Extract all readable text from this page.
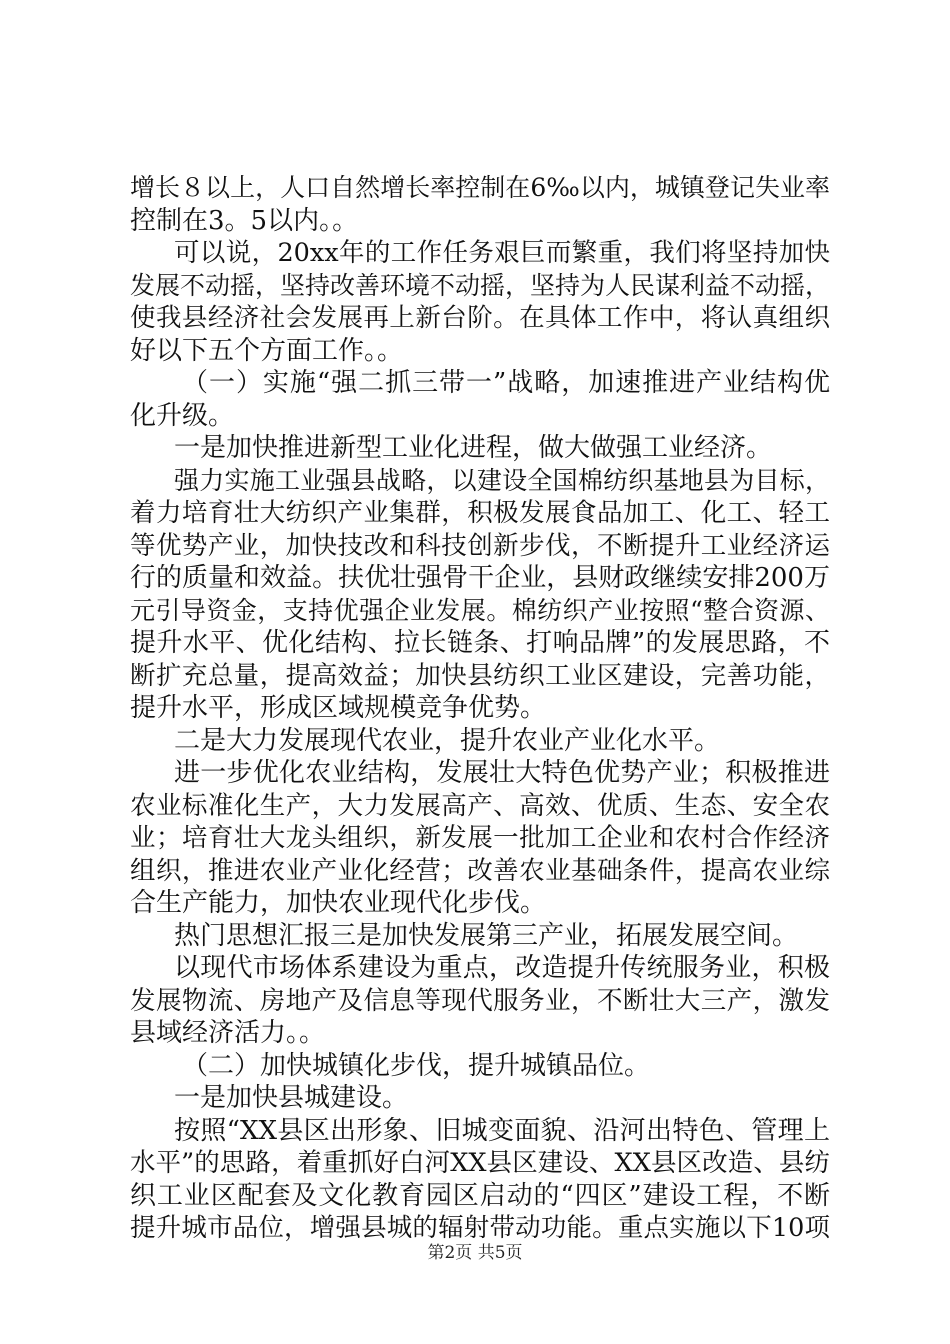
增长８以上，人口自然增长率控制在6‰以内，城镇登记失业率
控制在3。5以内。。
可以说，20xx年的工作任务艰巨而繁重，我们将坚持加快
发展不动摇，坚持改善环境不动摇，坚持为人民谋利益不动摇，
使我县经济社会发展再上新台阶。在具体工作中，将认真组织
好以下五个方面工作。。
（一）实施“强二抓三带一”战略，加速推进产业结构优
化升级。
一是加快推进新型工业化进程，做大做强工业经济。
强力实施工业强县战略，以建设全国棉纺织基地县为目标，
着力培育壮大纺织产业集群，积极发展食品加工、化工、轻工
等优势产业，加快技改和科技创新步伐，不断提升工业经济运
行的质量和效益。扶优壮强骨干企业，县财政继续安排200万
元引导资金，支持优强企业发展。棉纺织产业按照“整合资源、
提升水平、优化结构、拉长链条、打响品牌”的发展思路，不
断扩充总量，提高效益；加快县纺织工业区建设，完善功能，
提升水平，形成区域规模竞争优势。
二是大力发展现代农业，提升农业产业化水平。
进一步优化农业结构，发展壮大特色优势产业；积极推进
农业标准化生产，大力发展高产、高效、优质、生态、安全农
业；培育壮大龙头组织，新发展一批加工企业和农村合作经济
组织，推进农业产业化经营；改善农业基础条件，提高农业综
合生产能力，加快农业现代化步伐。
热门思想汇报三是加快发展第三产业，拓展发展空间。
以现代市场体系建设为重点，改造提升传统服务业，积极
发展物流、房地产及信息等现代服务业，不断壮大三产，激发
县域经济活力。。
（二）加快城镇化步伐，提升城镇品位。
一是加快县城建设。
按照“XX县区出形象、旧城变面貌、沿河出特色、管理上
水平”的思路，着重抓好白河XX县区建设、XX县区改造、县纺
织工业区配套及文化教育园区启动的“四区”建设工程，不断
提升城市品位，增强县城的辐射带动功能。重点实施以下10项
第2页 共5页
